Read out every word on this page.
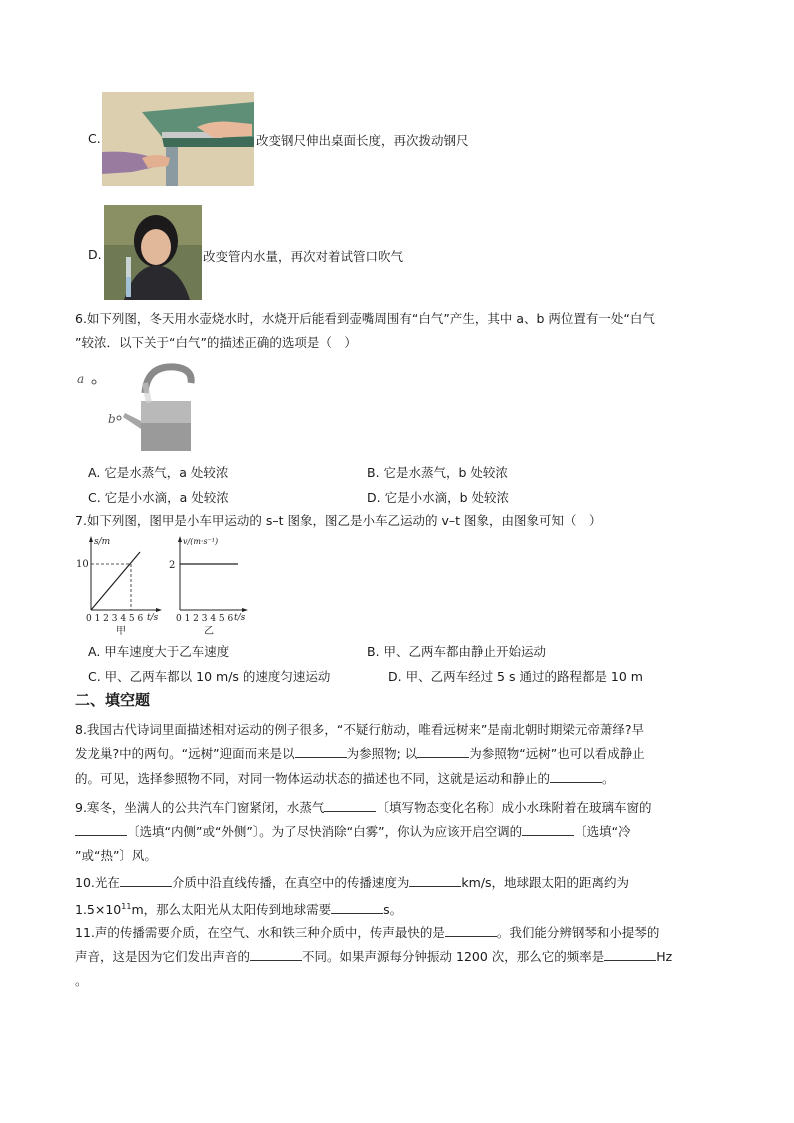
C.	改变钢尺伸出桌面长度，再次拨动钢尺
D.	改变管内水量，再次对着试管口吹气
6.如下列图，冬天用水壶烧水时，水烧开后能看到壶嘴周围有“白气”产生，其中 a、b 两位置有一处“白气
”较浓．以下关于“白气”的描述正确的选项是（　）
a
b
A. 它是水蒸气，a 处较浓	B. 它是水蒸气，b 处较浓
C. 它是小水滴，a 处较浓	D. 它是小水滴，b 处较浓
7.如下列图，图甲是小车甲运动的 s–t 图象，图乙是小车乙运动的 v–t 图象，由图象可知（　）
s/m
10
0 1 2 3 4 5 6 t/s
甲
v/(m·s⁻¹)
2
0 1 2 3 4 5 6 t/s
乙
A. 甲车速度大于乙车速度	B. 甲、乙两车都由静止开始运动
C. 甲、乙两车都以 10 m/s 的速度匀速运动	D. 甲、乙两车经过 5 s 通过的路程都是 10 m
二、填空题
8.我国古代诗词里面描述相对运动的例子很多，“不疑行舫动，唯看远树来”是南北朝时期梁元帝萧绎?早
发龙巢?中的两句。“远树”迎面而来是以	为参照物; 以	为参照物“远树”也可以看成静止
的。可见，选择参照物不同，对同一物体运动状态的描述也不同，这就是运动和静止的	。
9.寒冬，坐满人的公共汽车门窗紧闭，水蒸气	〔填写物态变化名称〕成小水珠附着在玻璃车窗的
〔选填“内侧”或“外侧”〕。为了尽快消除“白雾”，你认为应该开启空调的	〔选填“冷
”或“热”〕风。
10.光在	介质中沿直线传播，在真空中的传播速度为	km/s，地球跟太阳的距离约为
$1.5\times 10^{11}m$，那么太阳光从太阳传到地球需要	s。
11.声的传播需要介质，在空气、水和铁三种介质中，传声最快的是	。我们能分辨钢琴和小提琴的
声音，这是因为它们发出声音的	不同。如果声源每分钟振动 1200 次，那么它的频率是	Hz
。
